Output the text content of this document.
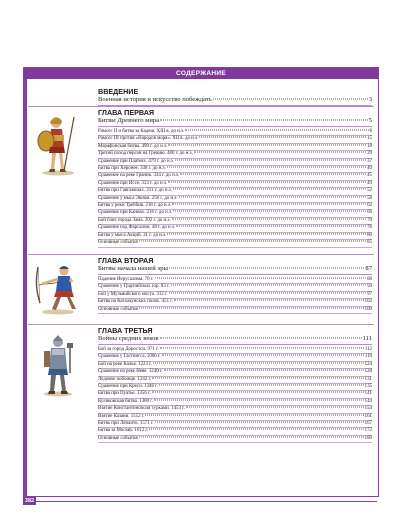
СОДЕРЖАНИЕ

ВВЕДЕНИЕ

Военная история и искусство побеждать	3

ГЛАВА ПЕРВАЯ

Битвы Древнего мира	5
Рамсес II и битва за Кадеш. XIII в. до н.э.	8
Рамсес III против «Народов моря». XII в. до н.э.	15
Марафонская битва. 490 г. до н.э.	18
Третий поход персов на Грецию. 480 г. до н.э.	29
Сражение при Платеях. 479 г. до н.э.	37
Битва при Херонее. 338 г. до н.э.	40
Сражение на реке Граник. 334 г. до н.э.	45
Сражение при Иссе. 333 г. до н.э.	49
Битва при Гавгамелах. 331 г. до н.э.	52
Сражение у мыса Экном. 256 г. до н.э.	58
Битва у реки Треббия. 218 г. до н.э.	62
Сражение при Каннах. 216 г. до н.э.	66
Бой близ города Зама. 202 г. до н.э.	70
Сражение под Фарсалом. 48 г. до н.э.	76
Битва у мыса Акций. 31 г. до н.э.	80
Основные события	85

ГЛАВА ВТОРАЯ

Битвы начала нашей эры	87
Падение Иерусалима. 70 г.	88
Сражение у Граупийских гор. 83 г.	94
Бой у Мульвийского моста. 312 г.	97
Битва на Каталаунских полях. 451 г.	102
Основные события	109

ГЛАВА ТРЕТЬЯ

Войны средних веков	111
Бой за город Доростол. 971 г.	112
Сражение у Гастингса. 1066 г.	119
Бой на реке Калка. 1223 г.	124
Сражение на реке Неве. 1240 г.	128
Ледовое побоище. 1242 г.	131
Сражение при Креси. 1346 г.	135
Битва при Пуатье. 1356 г.	141
Куликовская битва. 1380 г.	144
Взятие Константинополя турками. 1453 г.	154
Взятие Казани. 1552 г.	161
Битва при Лепанто. 1571 г.	167
Битва за Москву. 1612 г.	172
Основные события	180
382
